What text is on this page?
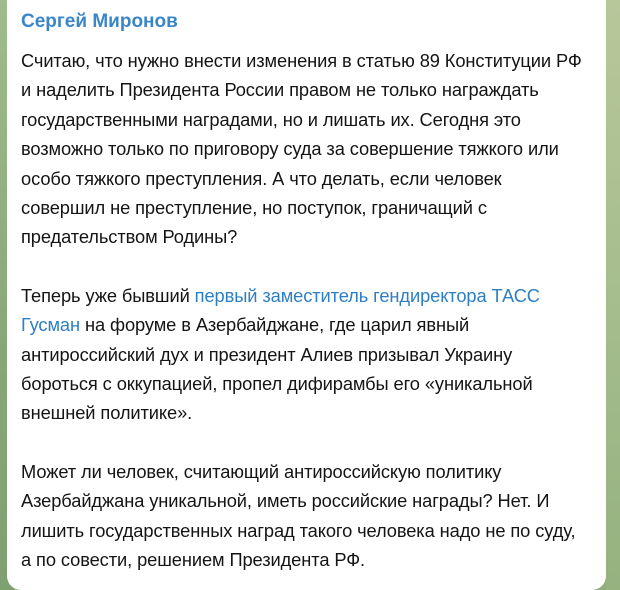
Сергей Миронов

Считаю, что нужно внести изменения в статью 89 Конституции РФ и наделить Президента России правом не только награждать государственными наградами, но и лишать их. Сегодня это возможно только по приговору суда за совершение тяжкого или особо тяжкого преступления. А что делать, если человек совершил не преступление, но поступок, граничащий с предательством Родины?

Теперь уже бывший первый заместитель гендиректора ТАСС Гусман на форуме в Азербайджане, где царил явный антироссийский дух и президент Алиев призывал Украину бороться с оккупацией, пропел дифирамбы его «уникальной внешней политике».

Может ли человек, считающий антироссийскую политику Азербайджана уникальной, иметь российские награды? Нет. И лишить государственных наград такого человека надо не по суду, а по совести, решением Президента РФ.
